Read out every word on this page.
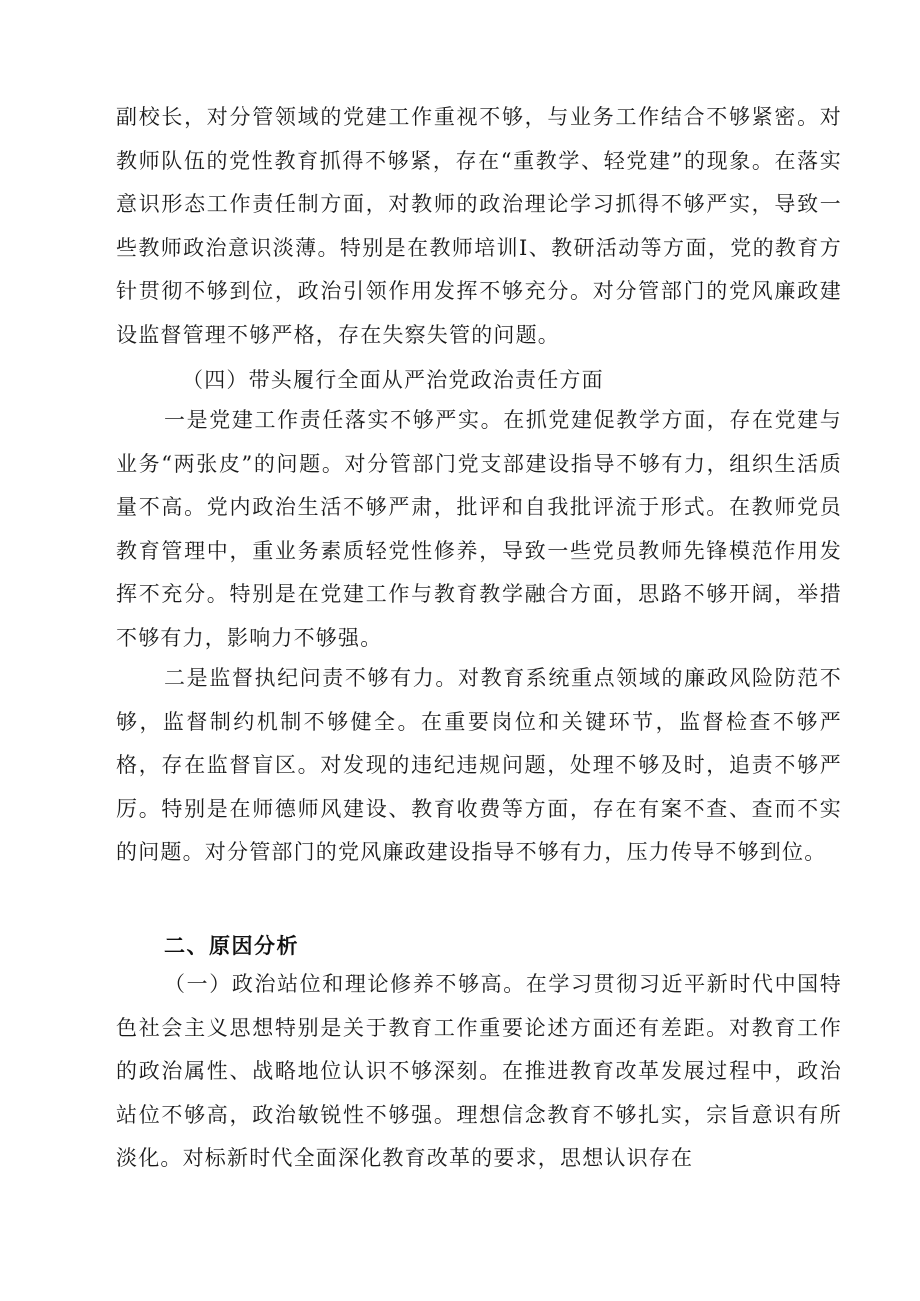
副校长，对分管领域的党建工作重视不够，与业务工作结合不够紧密。对教师队伍的党性教育抓得不够紧，存在“重教学、轻党建”的现象。在落实意识形态工作责任制方面，对教师的政治理论学习抓得不够严实，导致一些教师政治意识淡薄。特别是在教师培训I、教研活动等方面，党的教育方针贯彻不够到位，政治引领作用发挥不够充分。对分管部门的党风廉政建设监督管理不够严格，存在失察失管的问题。

（四）带头履行全面从严治党政治责任方面

一是党建工作责任落实不够严实。在抓党建促教学方面，存在党建与业务“两张皮”的问题。对分管部门党支部建设指导不够有力，组织生活质量不高。党内政治生活不够严肃，批评和自我批评流于形式。在教师党员教育管理中，重业务素质轻党性修养，导致一些党员教师先锋模范作用发挥不充分。特别是在党建工作与教育教学融合方面，思路不够开阔，举措不够有力，影响力不够强。

二是监督执纪问责不够有力。对教育系统重点领域的廉政风险防范不够，监督制约机制不够健全。在重要岗位和关键环节，监督检查不够严格，存在监督盲区。对发现的违纪违规问题，处理不够及时，追责不够严厉。特别是在师德师风建设、教育收费等方面，存在有案不查、查而不实的问题。对分管部门的党风廉政建设指导不够有力，压力传导不够到位。

二、原因分析

（一）政治站位和理论修养不够高。在学习贯彻习近平新时代中国特色社会主义思想特别是关于教育工作重要论述方面还有差距。对教育工作的政治属性、战略地位认识不够深刻。在推进教育改革发展过程中，政治站位不够高，政治敏锐性不够强。理想信念教育不够扎实，宗旨意识有所淡化。对标新时代全面深化教育改革的要求，思想认识存在
